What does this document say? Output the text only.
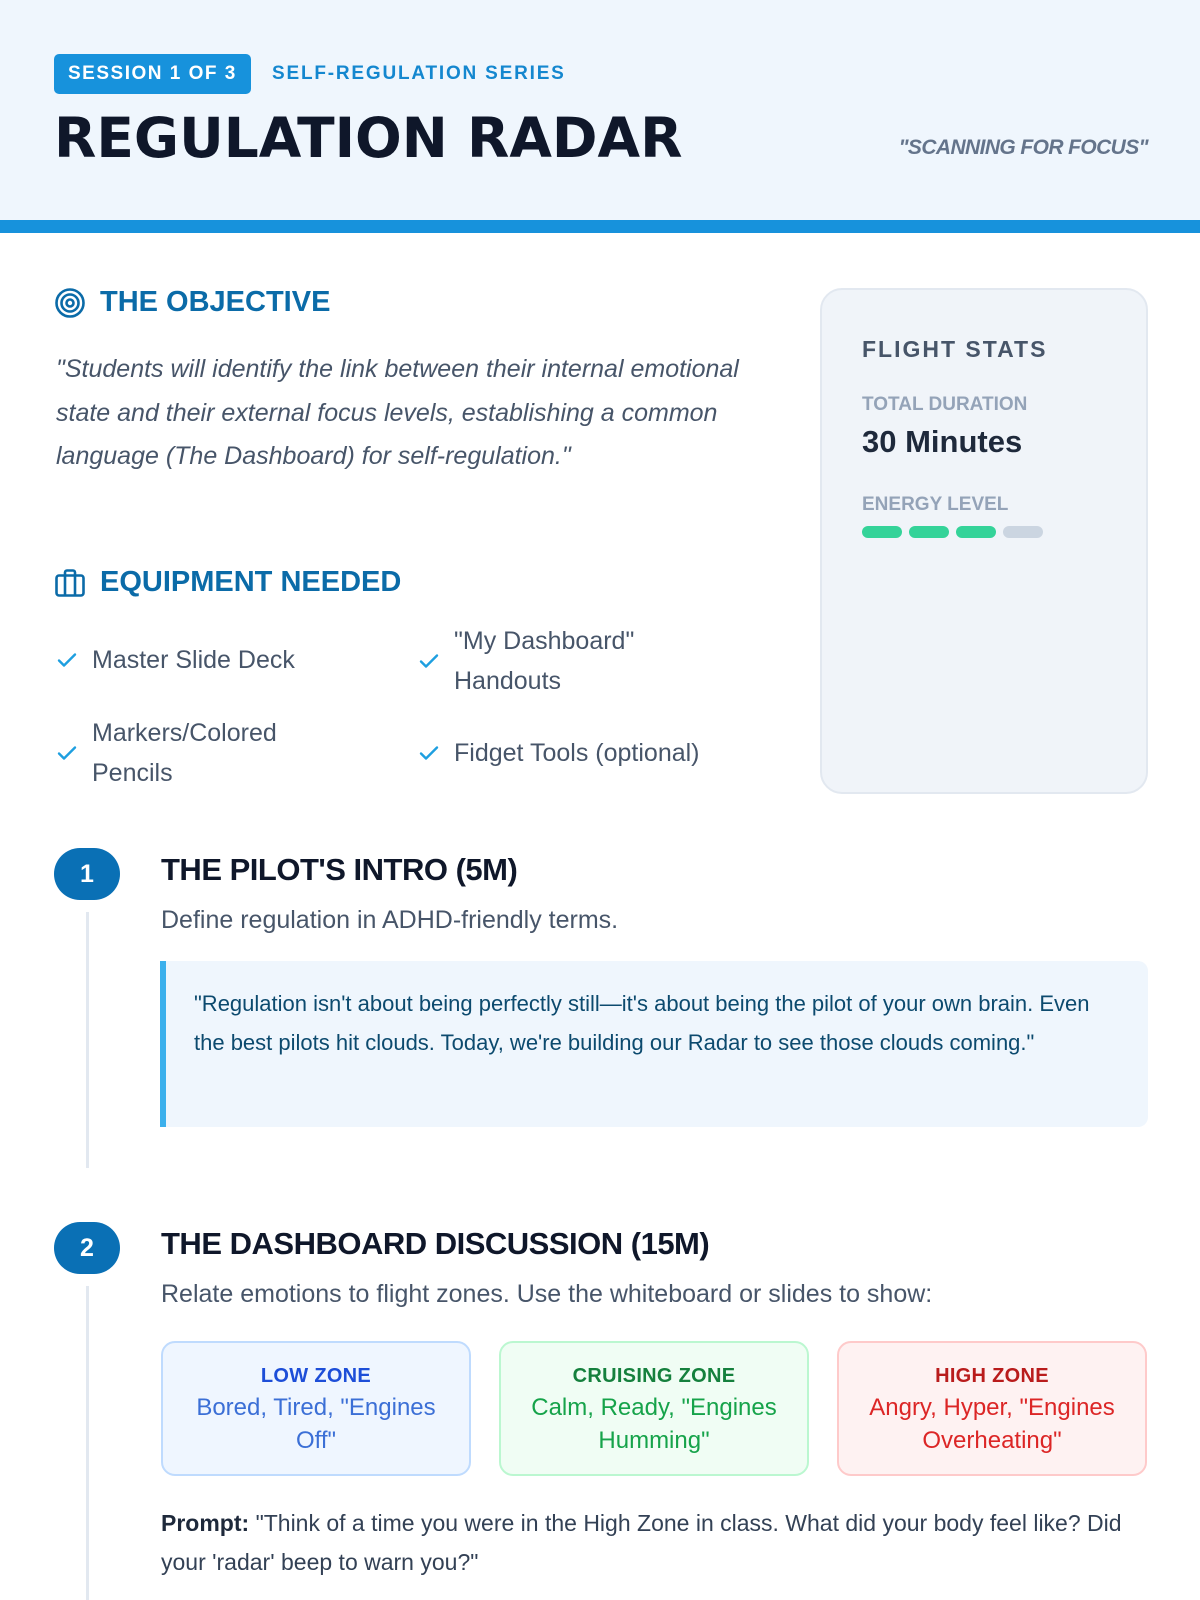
SESSION 1 OF 3	SELF-REGULATION SERIES
REGULATION RADAR	"SCANNING FOR FOCUS"
THE OBJECTIVE
"Students will identify the link between their internal emotional state and their external focus levels, establishing a common language (The Dashboard) for self-regulation."
EQUIPMENT NEEDED
Master Slide Deck
"My Dashboard" Handouts
Markers/Colored Pencils
Fidget Tools (optional)
FLIGHT STATS
TOTAL DURATION
30 Minutes
ENERGY LEVEL
1	THE PILOT'S INTRO (5M)
Define regulation in ADHD-friendly terms.
"Regulation isn't about being perfectly still—it's about being the pilot of your own brain. Even the best pilots hit clouds. Today, we're building our Radar to see those clouds coming."
2	THE DASHBOARD DISCUSSION (15M)
Relate emotions to flight zones. Use the whiteboard or slides to show:
LOW ZONE
Bored, Tired, "Engines Off"
CRUISING ZONE
Calm, Ready, "Engines Humming"
HIGH ZONE
Angry, Hyper, "Engines Overheating"
Prompt: "Think of a time you were in the High Zone in class. What did your body feel like? Did your 'radar' beep to warn you?"
